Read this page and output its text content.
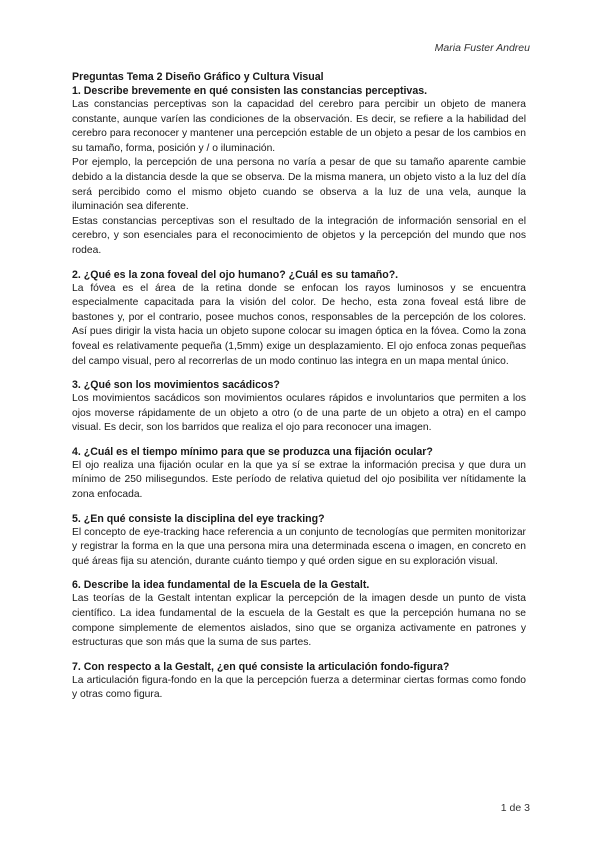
Maria Fuster Andreu
Preguntas Tema 2 Diseño Gráfico y Cultura Visual
1. Describe brevemente en qué consisten las constancias perceptivas.
Las constancias perceptivas son la capacidad del cerebro para percibir un objeto de manera constante, aunque varíen las condiciones de la observación. Es decir, se refiere a la habilidad del cerebro para reconocer y mantener una percepción estable de un objeto a pesar de los cambios en su tamaño, forma, posición y / o iluminación.
Por ejemplo, la percepción de una persona no varía a pesar de que su tamaño aparente cambie debido a la distancia desde la que se observa. De la misma manera, un objeto visto a la luz del día será percibido como el mismo objeto cuando se observa a la luz de una vela, aunque la iluminación sea diferente.
Estas constancias perceptivas son el resultado de la integración de información sensorial en el cerebro, y son esenciales para el reconocimiento de objetos y la percepción del mundo que nos rodea.
2. ¿Qué es la zona foveal del ojo humano? ¿Cuál es su tamaño?.
La fóvea es el área de la retina donde se enfocan los rayos luminosos y se encuentra especialmente capacitada para la visión del color. De hecho, esta zona foveal está libre de bastones y, por el contrario, posee muchos conos, responsables de la percepción de los colores. Así pues dirigir la vista hacia un objeto supone colocar su imagen óptica en la fóvea. Como la zona foveal es relativamente pequeña (1,5mm) exige un desplazamiento. El ojo enfoca zonas pequeñas del campo visual, pero al recorrerlas de un modo continuo las integra en un mapa mental único.
3. ¿Qué son los movimientos sacádicos?
Los movimientos sacádicos son movimientos oculares rápidos e involuntarios que permiten a los ojos moverse rápidamente de un objeto a otro (o de una parte de un objeto a otra) en el campo visual. Es decir, son los barridos que realiza el ojo para reconocer una imagen.
4. ¿Cuál es el tiempo mínimo para que se produzca una fijación ocular?
El ojo realiza una fijación ocular en la que ya sí se extrae la información precisa y que dura un mínimo de 250 milisegundos. Este período de relativa quietud del ojo posibilita ver nítidamente la zona enfocada.
5. ¿En qué consiste la disciplina del eye tracking?
El concepto de eye-tracking hace referencia a un conjunto de tecnologías que permiten monitorizar y registrar la forma en la que una persona mira una determinada escena o imagen, en concreto en qué áreas fija su atención, durante cuánto tiempo y qué orden sigue en su exploración visual.
6. Describe la idea fundamental de la Escuela de la Gestalt.
Las teorías de la Gestalt intentan explicar la percepción de la imagen desde un punto de vista científico. La idea fundamental de la escuela de la Gestalt es que la percepción humana no se compone simplemente de elementos aislados, sino que se organiza activamente en patrones y estructuras que son más que la suma de sus partes.
7. Con respecto a la Gestalt, ¿en qué consiste la articulación fondo-figura?
La articulación figura-fondo en la que la percepción fuerza a determinar ciertas formas como fondo y otras como figura.
1 de 3
